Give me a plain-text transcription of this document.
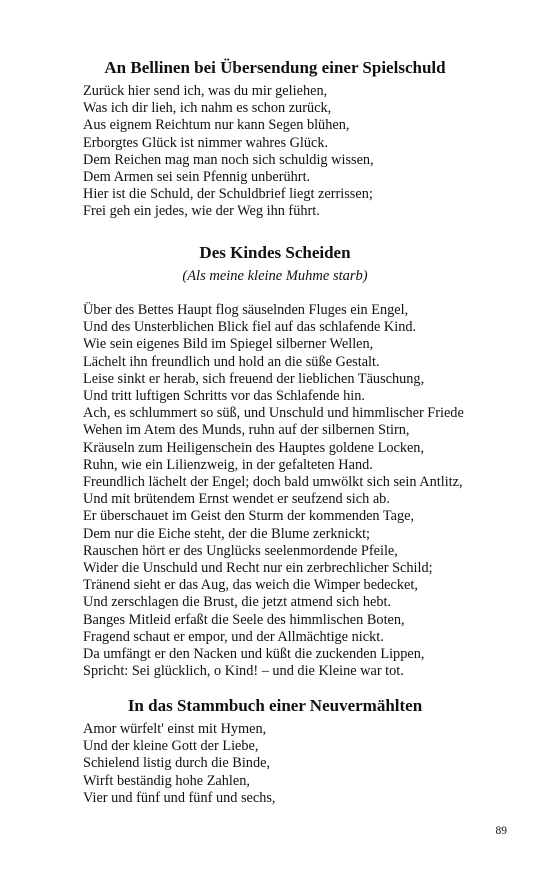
An Bellinen bei Übersendung einer Spielschuld
Zurück hier send ich, was du mir geliehen,
Was ich dir lieh, ich nahm es schon zurück,
Aus eignem Reichtum nur kann Segen blühen,
Erborgtes Glück ist nimmer wahres Glück.
Dem Reichen mag man noch sich schuldig wissen,
Dem Armen sei sein Pfennig unberührt.
Hier ist die Schuld, der Schuldbrief liegt zerrissen;
Frei geh ein jedes, wie der Weg ihn führt.
Des Kindes Scheiden

(Als meine kleine Muhme starb)

Über des Bettes Haupt flog säuselnden Fluges ein Engel,
Und des Unsterblichen Blick fiel auf das schlafende Kind.
Wie sein eigenes Bild im Spiegel silberner Wellen,
Lächelt ihn freundlich und hold an die süße Gestalt.
Leise sinkt er herab, sich freuend der lieblichen Täuschung,
Und tritt luftigen Schritts vor das Schlafende hin.
Ach, es schlummert so süß, und Unschuld und himmlischer Friede
Wehen im Atem des Munds, ruhn auf der silbernen Stirn,
Kräuseln zum Heiligenschein des Hauptes goldene Locken,
Ruhn, wie ein Lilienzweig, in der gefalteten Hand.
Freundlich lächelt der Engel; doch bald umwölkt sich sein Antlitz,
Und mit brütendem Ernst wendet er seufzend sich ab.
Er überschauet im Geist den Sturm der kommenden Tage,
Dem nur die Eiche steht, der die Blume zerknickt;
Rauschen hört er des Unglücks seelenmordende Pfeile,
Wider die Unschuld und Recht nur ein zerbrechlicher Schild;
Tränend sieht er das Aug, das weich die Wimper bedecket,
Und zerschlagen die Brust, die jetzt atmend sich hebt.
Banges Mitleid erfaßt die Seele des himmlischen Boten,
Fragend schaut er empor, und der Allmächtige nickt.
Da umfängt er den Nacken und küßt die zuckenden Lippen,
Spricht: Sei glücklich, o Kind! – und die Kleine war tot.
In das Stammbuch einer Neuvermählten
Amor würfelt' einst mit Hymen,
Und der kleine Gott der Liebe,
Schielend listig durch die Binde,
Wirft beständig hohe Zahlen,
Vier und fünf und fünf und sechs,
89
